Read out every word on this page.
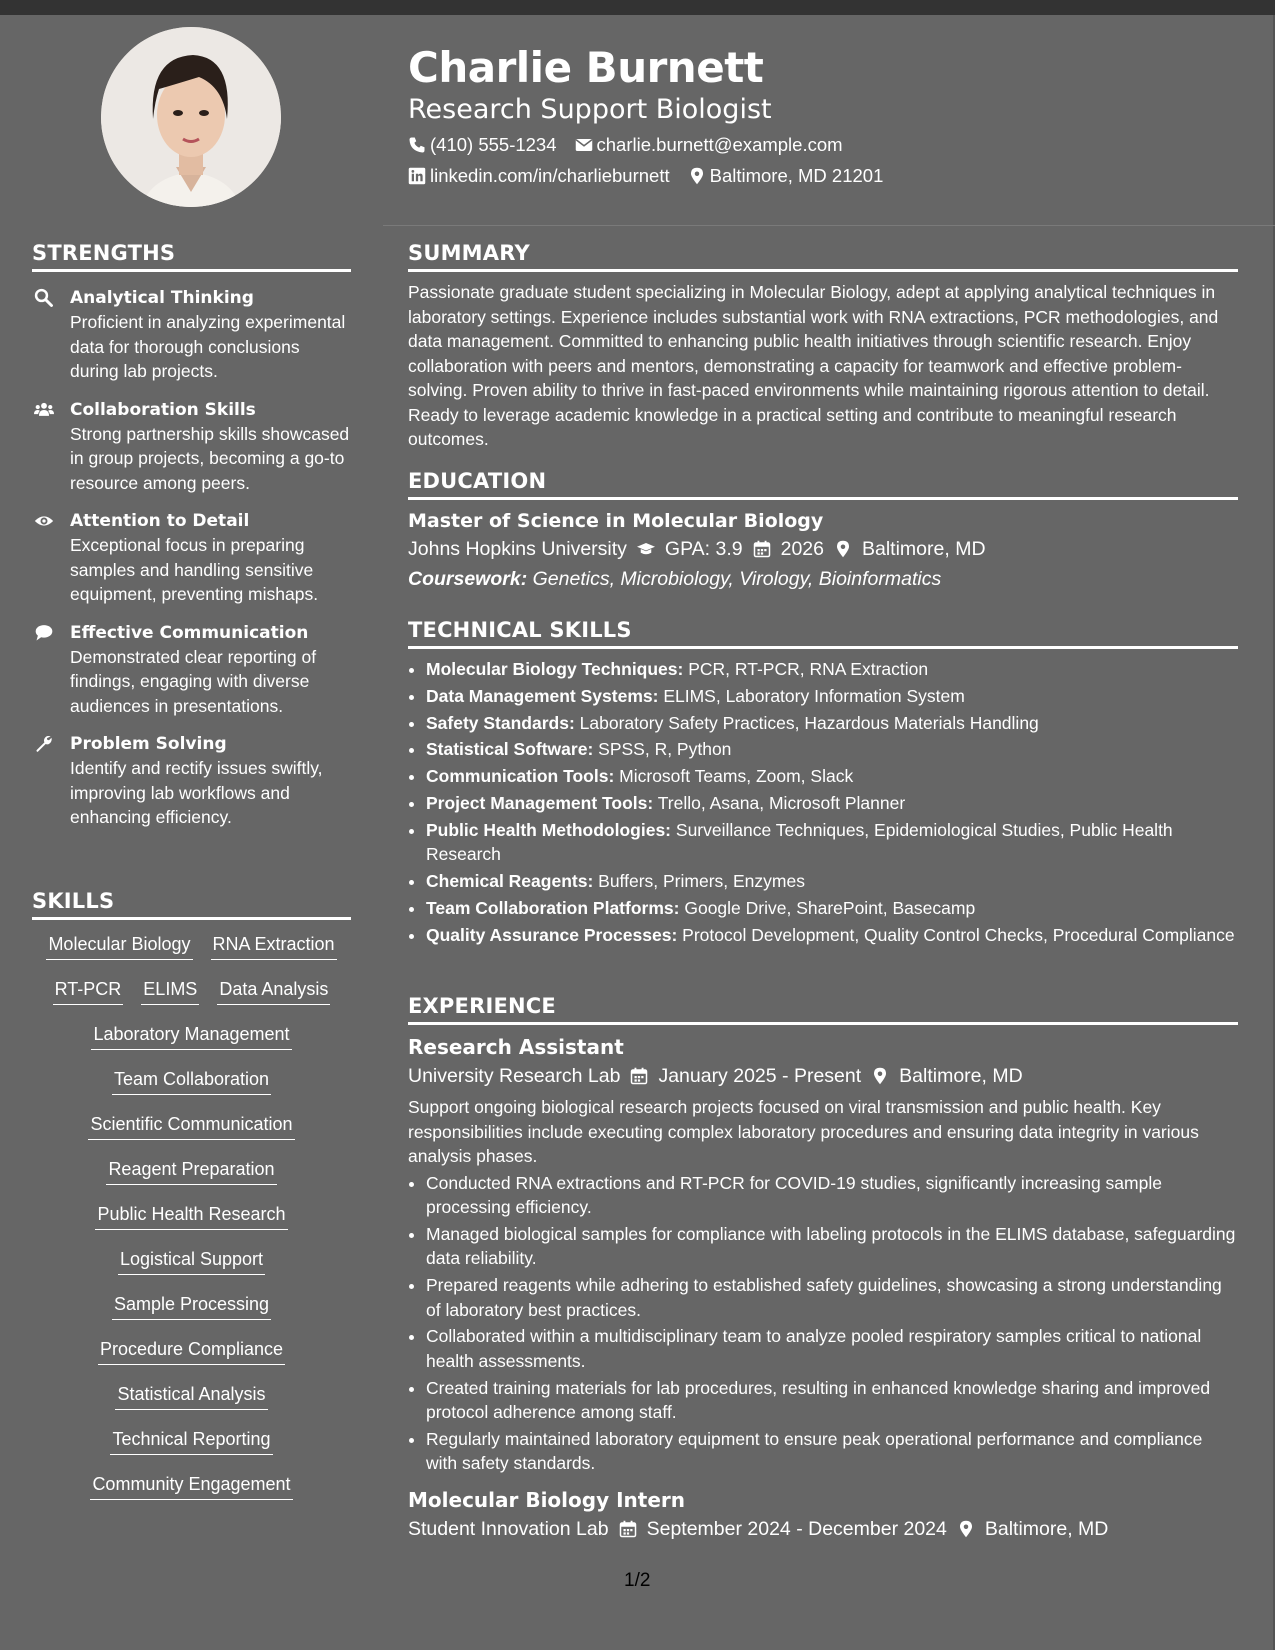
STRENGTHS
Analytical Thinking
Proficient in analyzing experimental data for thorough conclusions during lab projects.
Collaboration Skills
Strong partnership skills showcased in group projects, becoming a go-to resource among peers.
Attention to Detail
Exceptional focus in preparing samples and handling sensitive equipment, preventing mishaps.
Effective Communication
Demonstrated clear reporting of findings, engaging with diverse audiences in presentations.
Problem Solving
Identify and rectify issues swiftly, improving lab workflows and enhancing efficiency.
SKILLS
Molecular Biology RNA Extraction
RT-PCR ELIMS Data Analysis
Laboratory Management
Team Collaboration
Scientific Communication
Reagent Preparation
Public Health Research
Logistical Support
Sample Processing
Procedure Compliance
Statistical Analysis
Technical Reporting
Community Engagement
Charlie Burnett
Research Support Biologist
(410) 555-1234 charlie.burnett@example.com
linkedin.com/in/charlieburnett Baltimore, MD 21201
SUMMARY
Passionate graduate student specializing in Molecular Biology, adept at applying analytical techniques in laboratory settings. Experience includes substantial work with RNA extractions, PCR methodologies, and data management. Committed to enhancing public health initiatives through scientific research. Enjoy collaboration with peers and mentors, demonstrating a capacity for teamwork and effective problem-solving. Proven ability to thrive in fast-paced environments while maintaining rigorous attention to detail. Ready to leverage academic knowledge in a practical setting and contribute to meaningful research outcomes.
EDUCATION
Master of Science in Molecular Biology
Johns Hopkins University GPA: 3.9 2026 Baltimore, MD
Coursework: Genetics, Microbiology, Virology, Bioinformatics
TECHNICAL SKILLS
• Molecular Biology Techniques: PCR, RT-PCR, RNA Extraction
• Data Management Systems: ELIMS, Laboratory Information System
• Safety Standards: Laboratory Safety Practices, Hazardous Materials Handling
• Statistical Software: SPSS, R, Python
• Communication Tools: Microsoft Teams, Zoom, Slack
• Project Management Tools: Trello, Asana, Microsoft Planner
• Public Health Methodologies: Surveillance Techniques, Epidemiological Studies, Public Health Research
• Chemical Reagents: Buffers, Primers, Enzymes
• Team Collaboration Platforms: Google Drive, SharePoint, Basecamp
• Quality Assurance Processes: Protocol Development, Quality Control Checks, Procedural Compliance
EXPERIENCE
Research Assistant
University Research Lab January 2025 - Present Baltimore, MD
Support ongoing biological research projects focused on viral transmission and public health. Key responsibilities include executing complex laboratory procedures and ensuring data integrity in various analysis phases.
• Conducted RNA extractions and RT-PCR for COVID-19 studies, significantly increasing sample processing efficiency.
• Managed biological samples for compliance with labeling protocols in the ELIMS database, safeguarding data reliability.
• Prepared reagents while adhering to established safety guidelines, showcasing a strong understanding of laboratory best practices.
• Collaborated within a multidisciplinary team to analyze pooled respiratory samples critical to national health assessments.
• Created training materials for lab procedures, resulting in enhanced knowledge sharing and improved protocol adherence among staff.
• Regularly maintained laboratory equipment to ensure peak operational performance and compliance with safety standards.
Molecular Biology Intern
Student Innovation Lab September 2024 - December 2024 Baltimore, MD
1/2
